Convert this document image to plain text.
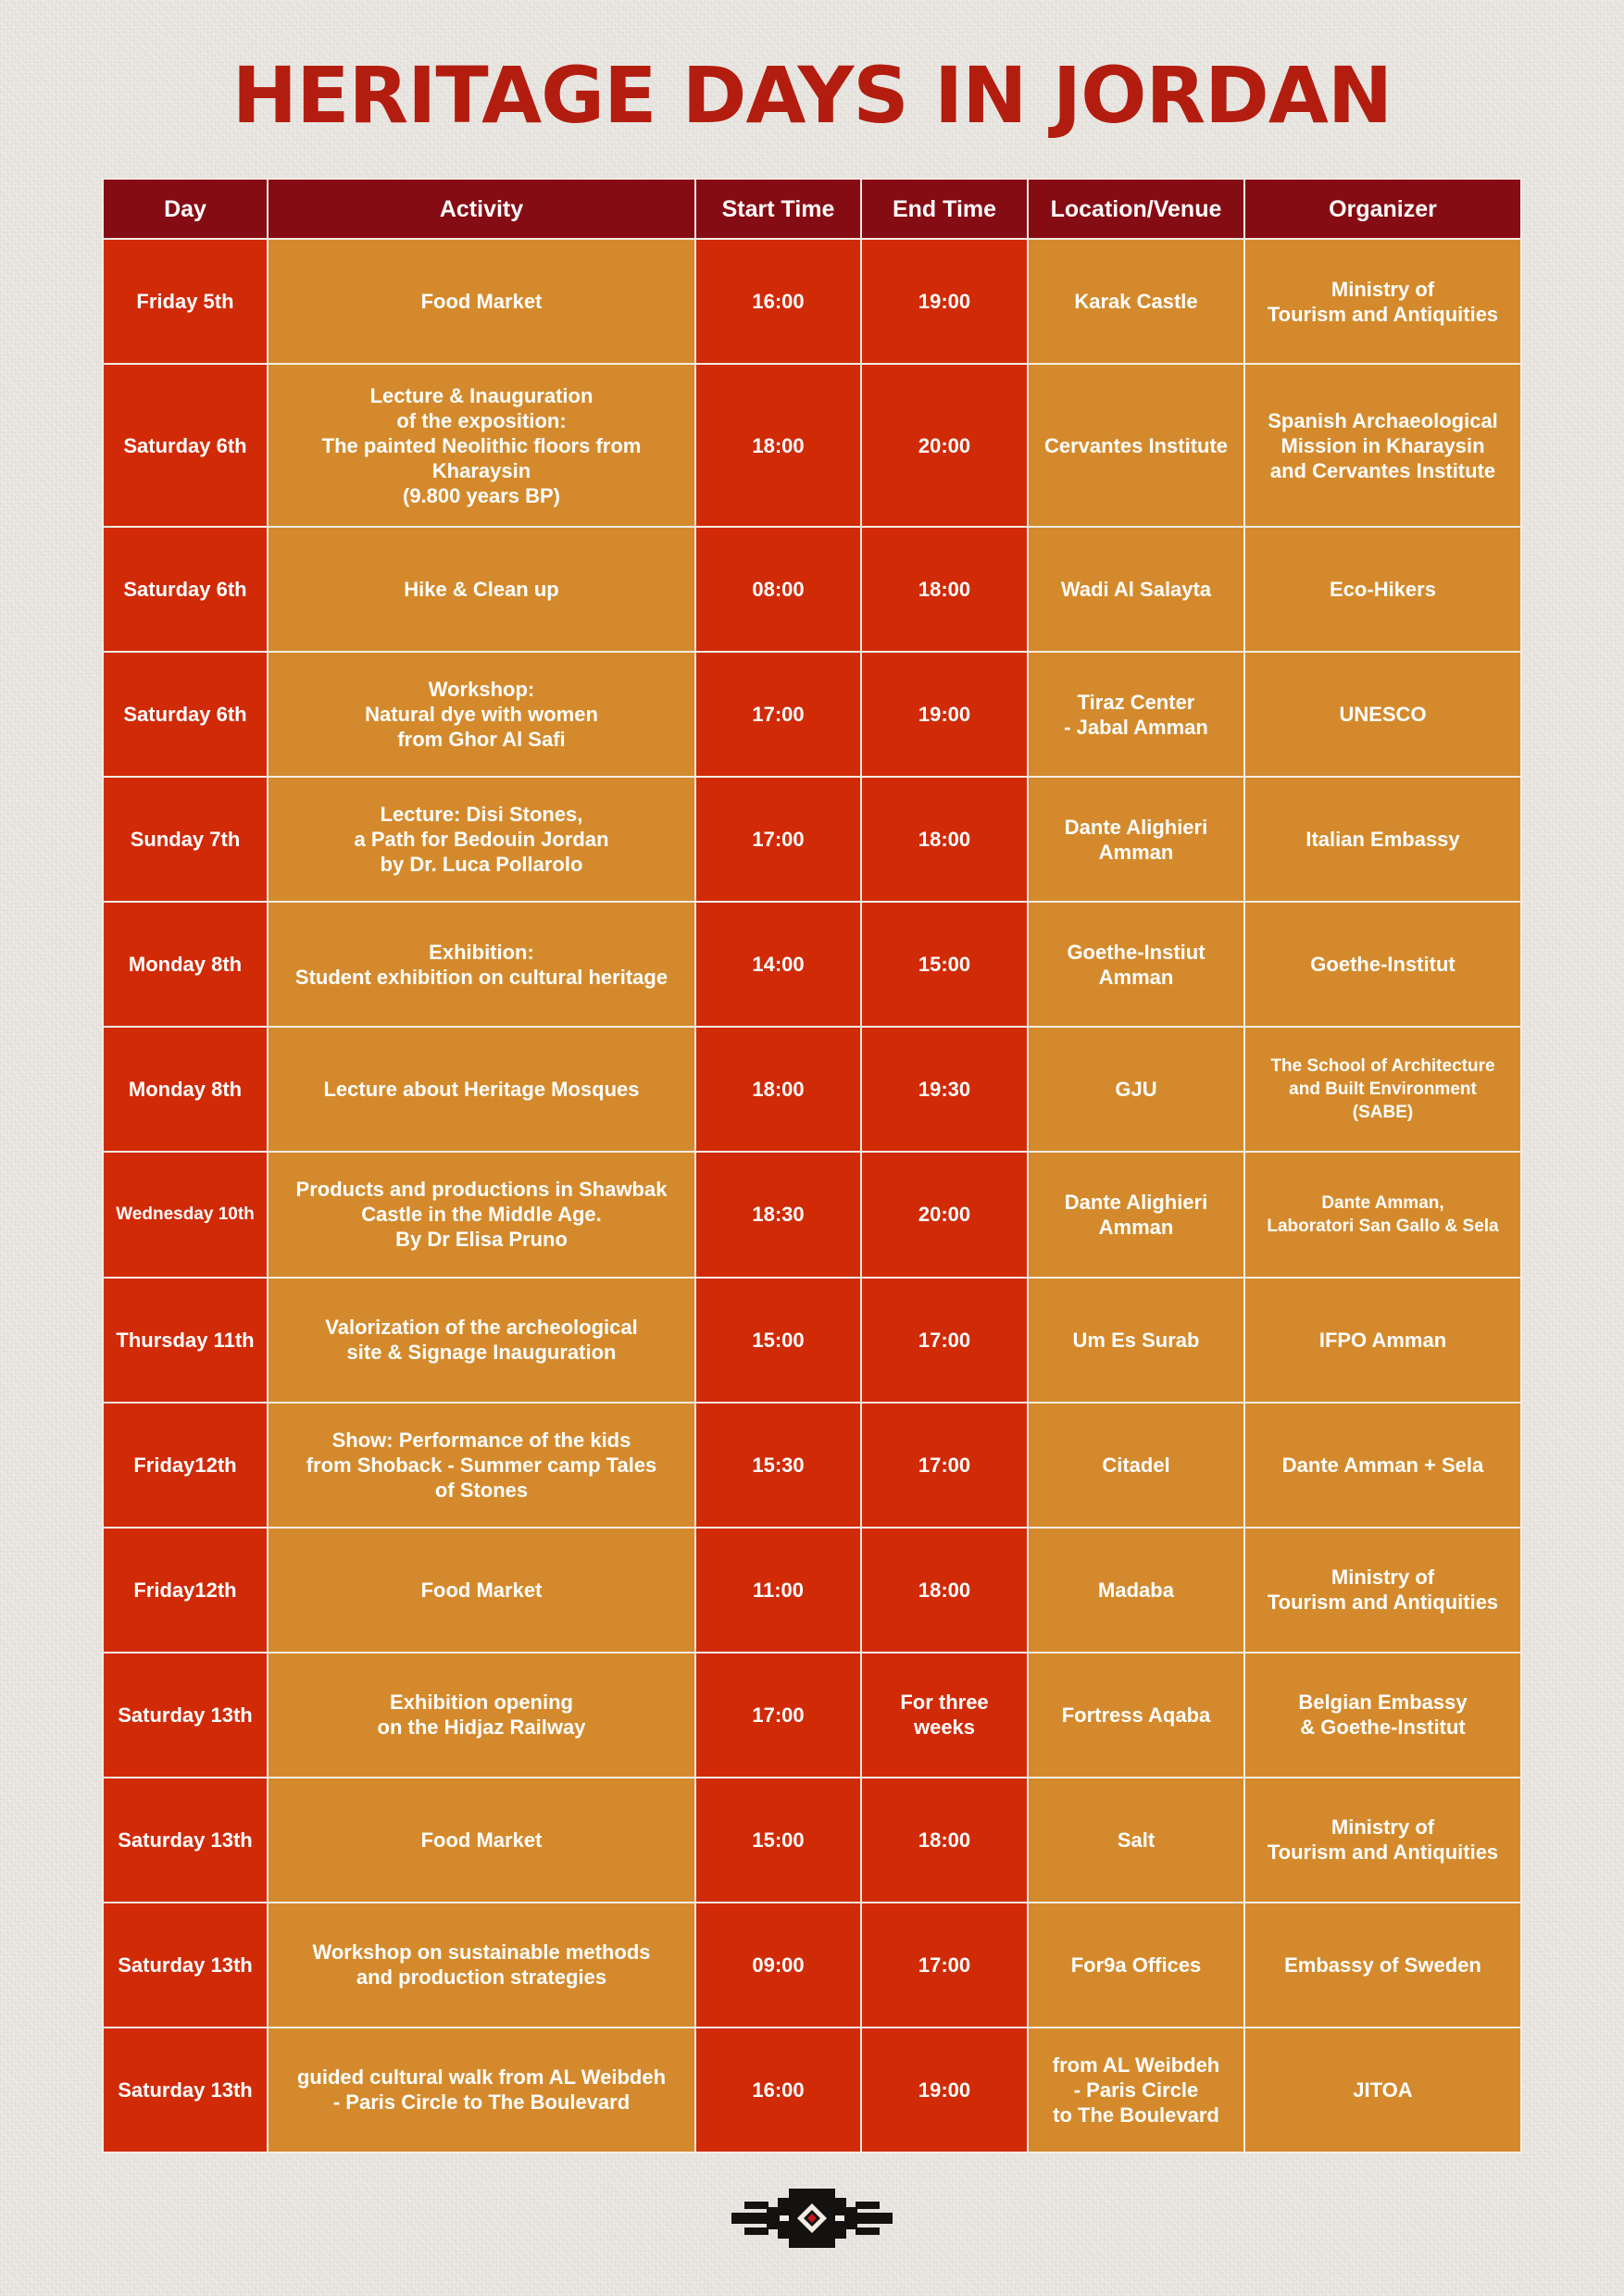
HERITAGE DAYS IN JORDAN
Day	Activity	Start Time	End Time	Location/Venue	Organizer
Friday 5th	Food Market	16:00	19:00	Karak Castle	Ministry of
Tourism and Antiquities
Saturday 6th	Lecture & Inauguration
of the exposition:
The painted Neolithic floors from
Kharaysin
(9.800 years BP)	18:00	20:00	Cervantes Institute	Spanish Archaeological
Mission in Kharaysin
and Cervantes Institute
Saturday 6th	Hike & Clean up	08:00	18:00	Wadi Al Salayta	Eco-Hikers
Saturday 6th	Workshop:
Natural dye with women
from Ghor Al Safi	17:00	19:00	Tiraz Center
- Jabal Amman	UNESCO
Sunday 7th	Lecture: Disi Stones,
a Path for Bedouin Jordan
by Dr. Luca Pollarolo	17:00	18:00	Dante Alighieri
Amman	Italian Embassy
Monday 8th	Exhibition:
Student exhibition on cultural heritage	14:00	15:00	Goethe-Instiut
Amman	Goethe-Institut
Monday 8th	Lecture about Heritage Mosques	18:00	19:30	GJU	The School of Architecture
and Built Environment
(SABE)
Wednesday 10th	Products and productions in Shawbak
Castle in the Middle Age.
By Dr Elisa Pruno	18:30	20:00	Dante Alighieri
Amman	Dante Amman,
Laboratori San Gallo & Sela
Thursday 11th	Valorization of the archeological
site & Signage Inauguration	15:00	17:00	Um Es Surab	IFPO Amman
Friday12th	Show: Performance of the kids
from Shoback - Summer camp Tales
of Stones	15:30	17:00	Citadel	Dante Amman + Sela
Friday12th	Food Market	11:00	18:00	Madaba	Ministry of
Tourism and Antiquities
Saturday 13th	Exhibition opening
on the Hidjaz Railway	17:00	For three
weeks	Fortress Aqaba	Belgian Embassy
& Goethe-Institut
Saturday 13th	Food Market	15:00	18:00	Salt	Ministry of
Tourism and Antiquities
Saturday 13th	Workshop on sustainable methods
and production strategies	09:00	17:00	For9a Offices	Embassy of Sweden
Saturday 13th	guided cultural walk from AL Weibdeh
- Paris Circle to The Boulevard	16:00	19:00	from AL Weibdeh
- Paris Circle
to The Boulevard	JITOA
